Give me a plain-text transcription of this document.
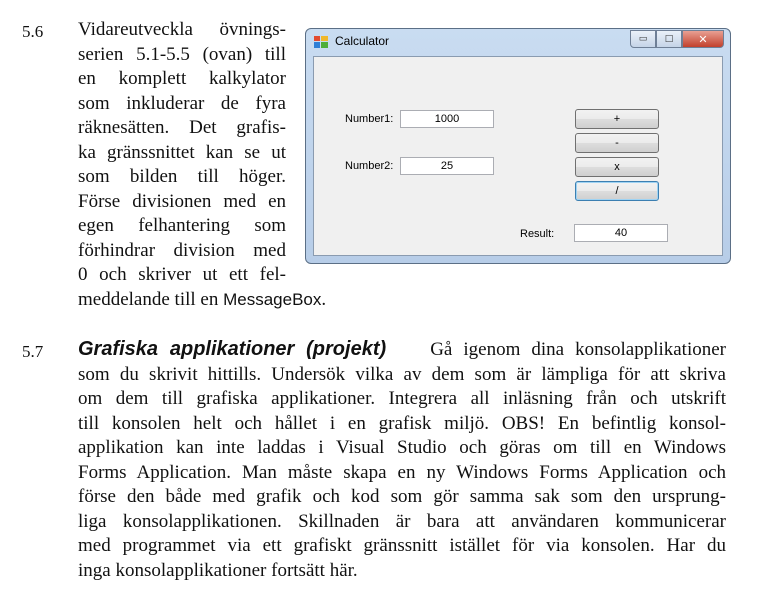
5.6 Vidareutveckla övnings-
serien 5.1-5.5 (ovan) till
en komplett kalkylator
som inkluderar de fyra
räknesätten. Det grafis-
ka gränssnittet kan se ut
som bilden till höger.
Förse divisionen med en
egen felhantering som
förhindrar division med
0 och skriver ut ett fel-
meddelande till en MessageBox.
Calculator	▭ □ ✕
Number1:	1000
Number2:	25
+
-
x
/
Result:	40
5.7 Grafiska applikationer (projekt) Gå igenom dina konsolapplikationer
som du skrivit hittills. Undersök vilka av dem som är lämpliga för att skriva
om dem till grafiska applikationer. Integrera all inläsning från och utskrift
till konsolen helt och hållet i en grafisk miljö. OBS! En befintlig konsol-
applikation kan inte laddas i Visual Studio och göras om till en Windows
Forms Application. Man måste skapa en ny Windows Forms Application och
förse den både med grafik och kod som gör samma sak som den ursprung-
liga konsolapplikationen. Skillnaden är bara att användaren kommunicerar
med programmet via ett grafiskt gränssnitt istället för via konsolen. Har du
inga konsolapplikationer fortsätt här.
